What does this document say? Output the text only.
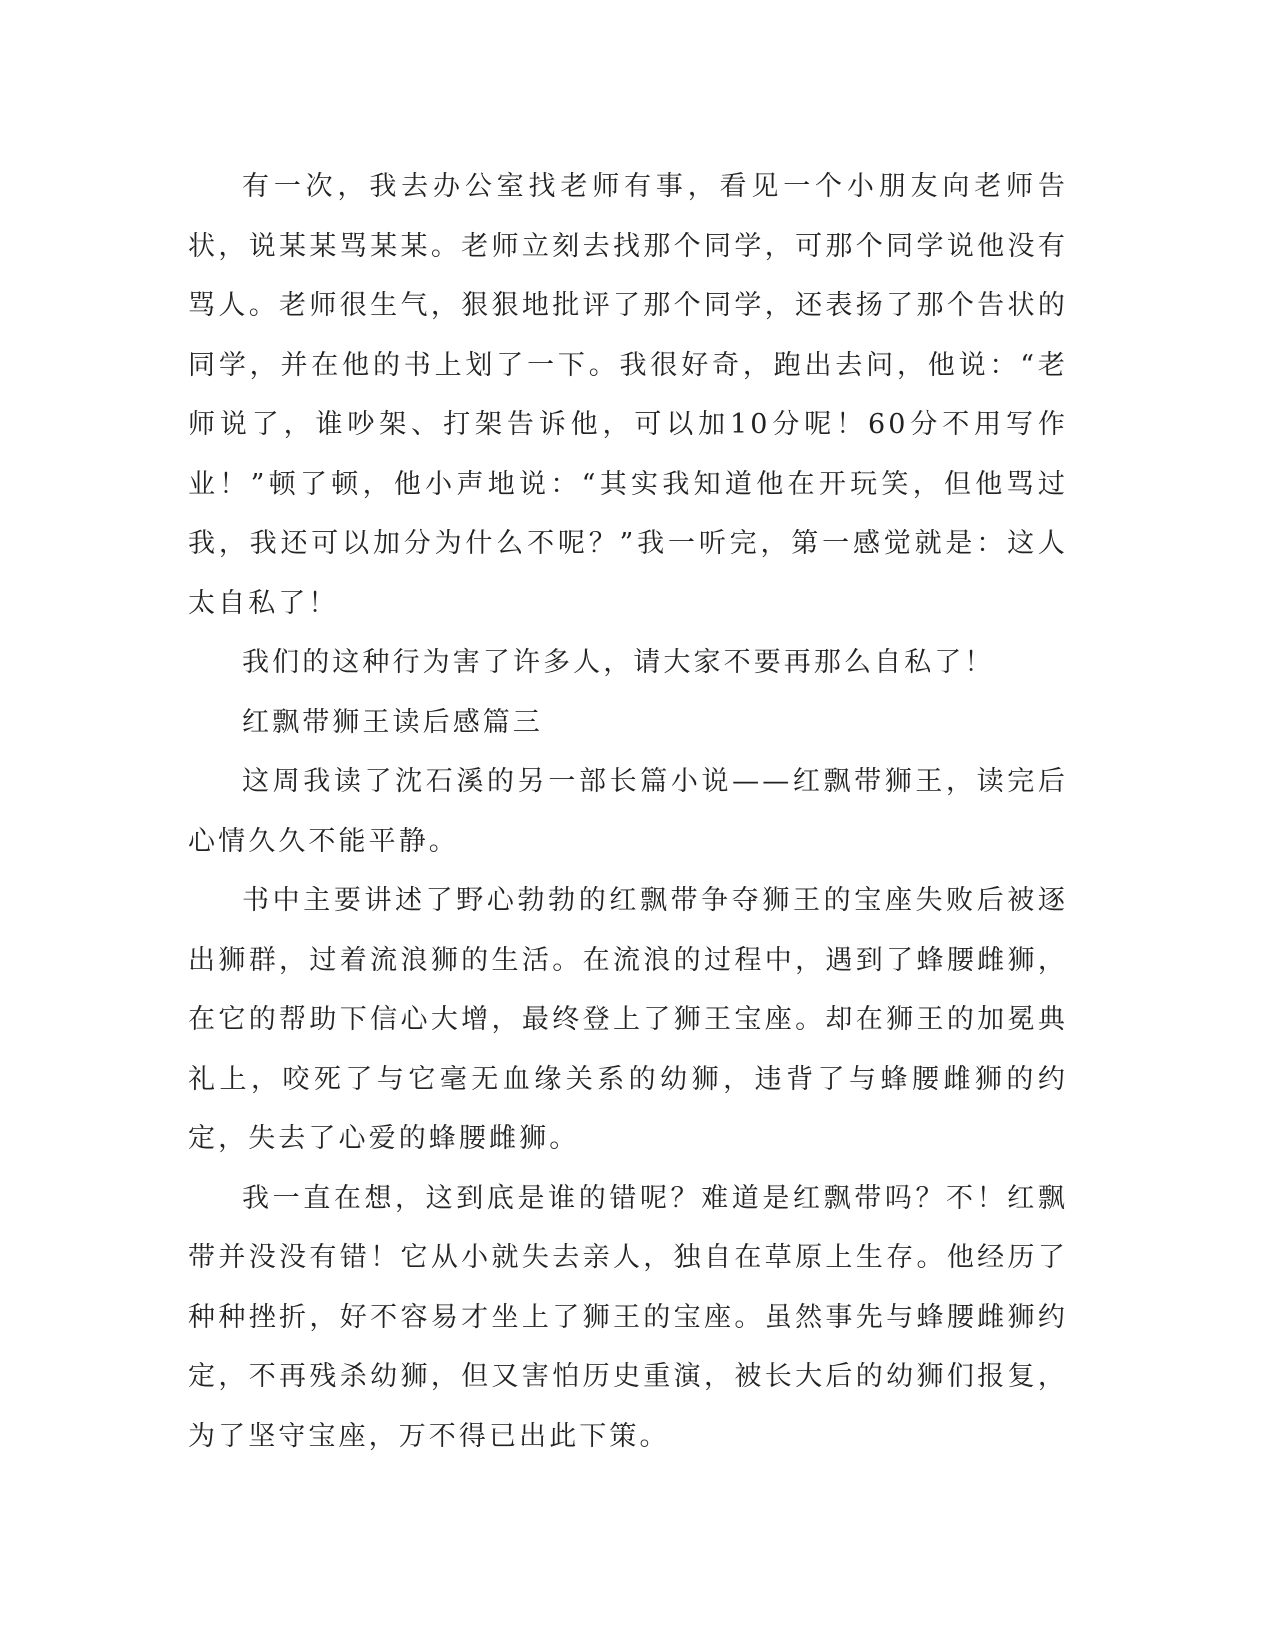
有一次，我去办公室找老师有事，看见一个小朋友向老师告状，说某某骂某某。老师立刻去找那个同学，可那个同学说他没有骂人。老师很生气，狠狠地批评了那个同学，还表扬了那个告状的同学，并在他的书上划了一下。我很好奇，跑出去问，他说：“老师说了，谁吵架、打架告诉他，可以加10分呢！60分不用写作业！”顿了顿，他小声地说：“其实我知道他在开玩笑，但他骂过我，我还可以加分为什么不呢？”我一听完，第一感觉就是：这人太自私了！

我们的这种行为害了许多人，请大家不要再那么自私了！

红飘带狮王读后感篇三

这周我读了沈石溪的另一部长篇小说——红飘带狮王，读完后心情久久不能平静。

书中主要讲述了野心勃勃的红飘带争夺狮王的宝座失败后被逐出狮群，过着流浪狮的生活。在流浪的过程中，遇到了蜂腰雌狮，在它的帮助下信心大增，最终登上了狮王宝座。却在狮王的加冕典礼上，咬死了与它毫无血缘关系的幼狮，违背了与蜂腰雌狮的约定，失去了心爱的蜂腰雌狮。

我一直在想，这到底是谁的错呢？难道是红飘带吗？不！红飘带并没没有错！它从小就失去亲人，独自在草原上生存。他经历了种种挫折，好不容易才坐上了狮王的宝座。虽然事先与蜂腰雌狮约定，不再残杀幼狮，但又害怕历史重演，被长大后的幼狮们报复，为了坚守宝座，万不得已出此下策。
